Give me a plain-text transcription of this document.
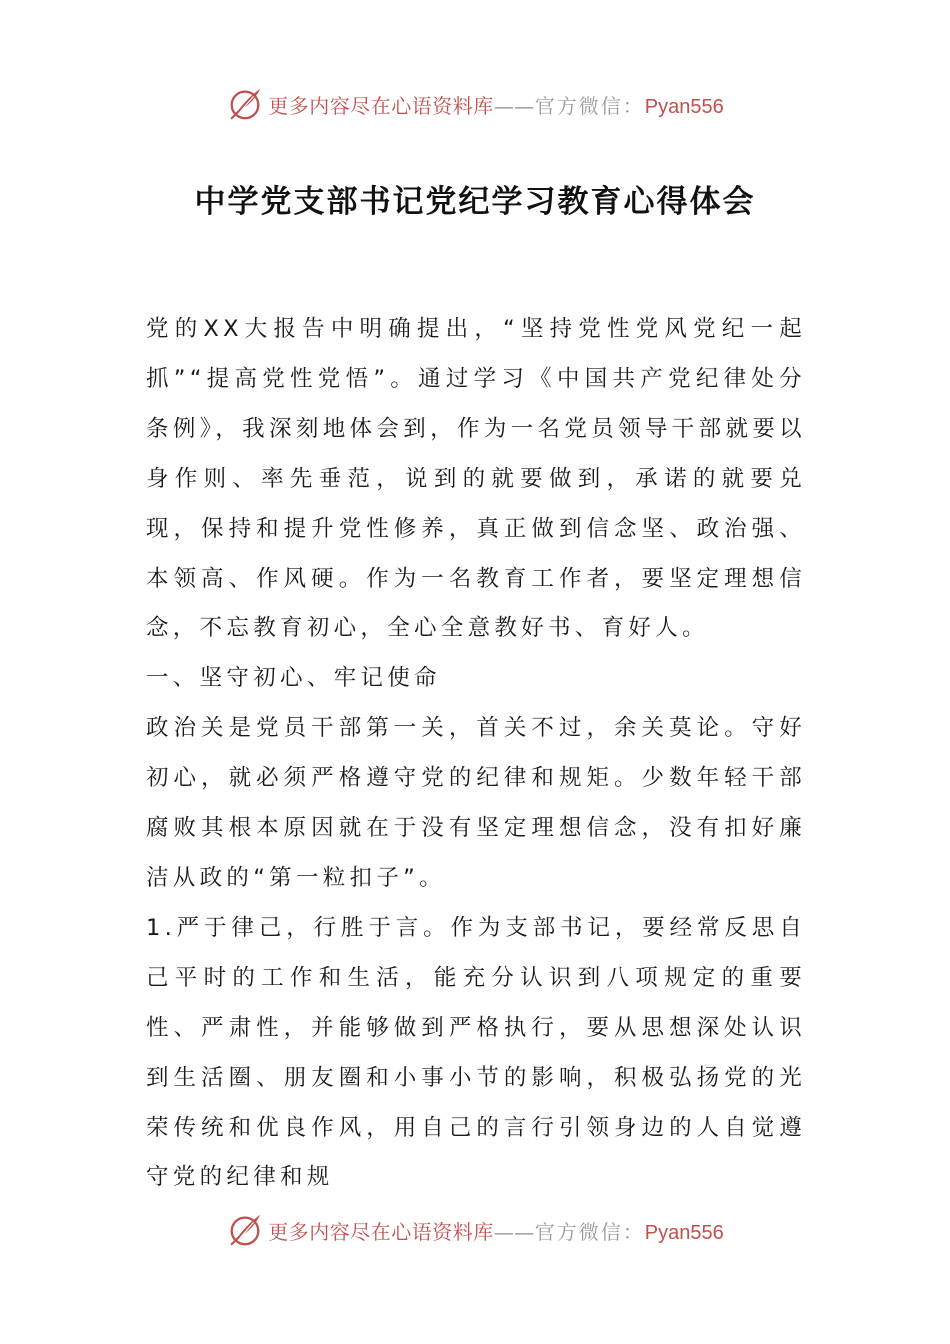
更多内容尽在心语资料库——官方微信：Pyan556
中学党支部书记党纪学习教育心得体会

党的XX大报告中明确提出，“坚持党性党风党纪一起抓”“提高党性党悟”。通过学习《中国共产党纪律处分条例》，我深刻地体会到，作为一名党员领导干部就要以身作则、率先垂范，说到的就要做到，承诺的就要兑现，保持和提升党性修养，真正做到信念坚、政治强、本领高、作风硬。作为一名教育工作者，要坚定理想信念，不忘教育初心，全心全意教好书、育好人。

一、坚守初心、牢记使命

政治关是党员干部第一关，首关不过，余关莫论。守好初心，就必须严格遵守党的纪律和规矩。少数年轻干部腐败其根本原因就在于没有坚定理想信念，没有扣好廉洁从政的“第一粒扣子”。

1.严于律己，行胜于言。作为支部书记，要经常反思自己平时的工作和生活，能充分认识到八项规定的重要性、严肃性，并能够做到严格执行，要从思想深处认识到生活圈、朋友圈和小事小节的影响，积极弘扬党的光荣传统和优良作风，用自己的言行引领身边的人自觉遵守党的纪律和规

更多内容尽在心语资料库——官方微信：Pyan556
